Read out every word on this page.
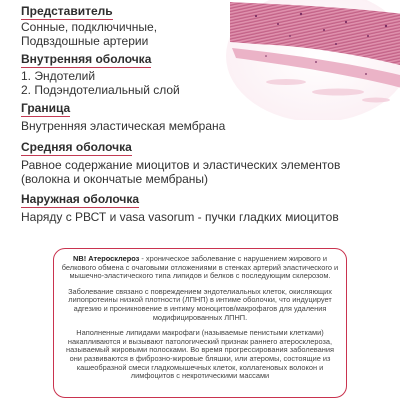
Представитель
Сонные, подключичные,
Подвздошные артерии
Внутренняя оболочка
1. Эндотелий
2. Подэндотелиальный слой
Граница
Внутренняя эластическая мембрана
Средняя оболочка
Равное содержание миоцитов и эластических элементов
(волокна и окончатые мембраны)
Наружная оболочка
Наряду с РВСТ и vasa vasorum - пучки гладких миоцитов

NB! Атеросклероз - хроническое заболевание с нарушением жирового и белкового обмена с очаговыми отложениями в стенках артерий эластического и мышечно-эластического типа липидов и белков с последующим склерозом.

Заболевание связано с повреждением эндотелиальных клеток, окисляющих липопротеины низкой плотности (ЛПНП) в интиме оболочки, что индуцирует адгезию и проникновение в интиму моноцитов/макрофагов для удаления модифицированных ЛПНП.

Наполненные липидами макрофаги (называемые пенистыми клетками) накапливаются и вызывают патологический признак раннего атеросклероза, называемый жировыми полосками. Во время прогрессирования заболевания они развиваются в фиброзно-жировые бляшки, или атеромы, состоящие из кашеобразной смеси гладкомышечных клеток, коллагеновых волокон и лимфоцитов с некротическими массами
